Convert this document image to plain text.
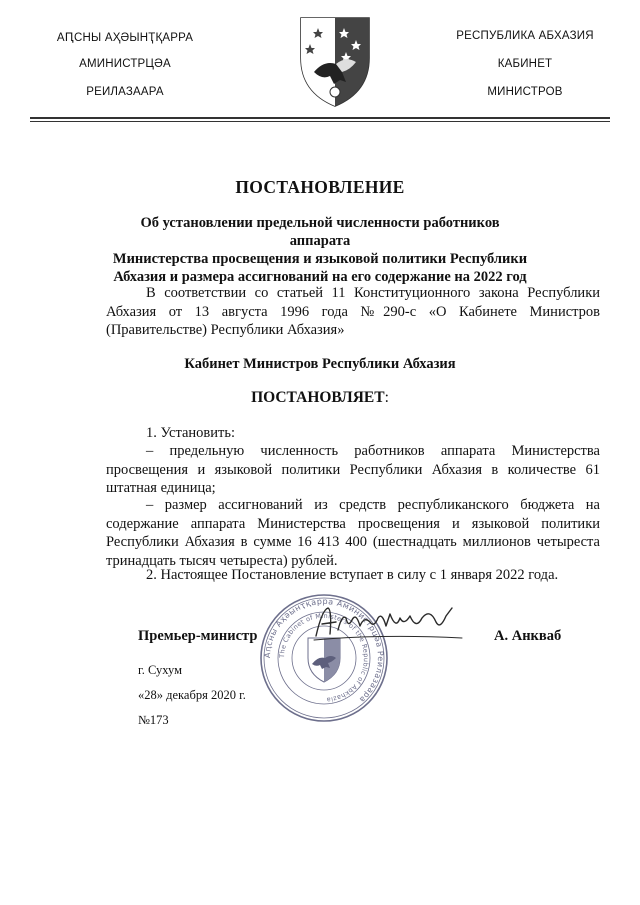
АԤСНЫ АҲӘЫНҬҚАРРА
АМИНИСТРЦӘА
РЕИЛАЗААРА
РЕСПУБЛИКА АБХАЗИЯ
КАБИНЕТ
МИНИСТРОВ
ПОСТАНОВЛЕНИЕ
Об установлении предельной численности работников аппарата
Министерства просвещения и языковой политики Республики
Абхазия и размера ассигнований на его содержание на 2022 год
В соответствии со статьей 11 Конституционного закона Республики Абхазия от 13 августа 1996 года №290-с «О Кабинете Министров (Правительстве) Республики Абхазия»
Кабинет Министров Республики Абхазия
ПОСТАНОВЛЯЕТ:
1. Установить:
– предельную численность работников аппарата Министерства просвещения и языковой политики Республики Абхазия в количестве 61 штатная единица;
– размер ассигнований из средств республиканского бюджета на содержание аппарата Министерства просвещения и языковой политики Республики Абхазия в сумме 16 413 400 (шестнадцать миллионов четыреста тринадцать тысяч четыреста) рублей.
2. Настоящее Постановление вступает в силу с 1 января 2022 года.
Аԥсны Аҳәынҭқарра Аминистрцәа Реилазаара
The Cabinet of Ministers of the Republic of Abkhazia
Премьер-министр	А. Анкваб
г. Сухум
«28» декабря 2020 г.
№173
